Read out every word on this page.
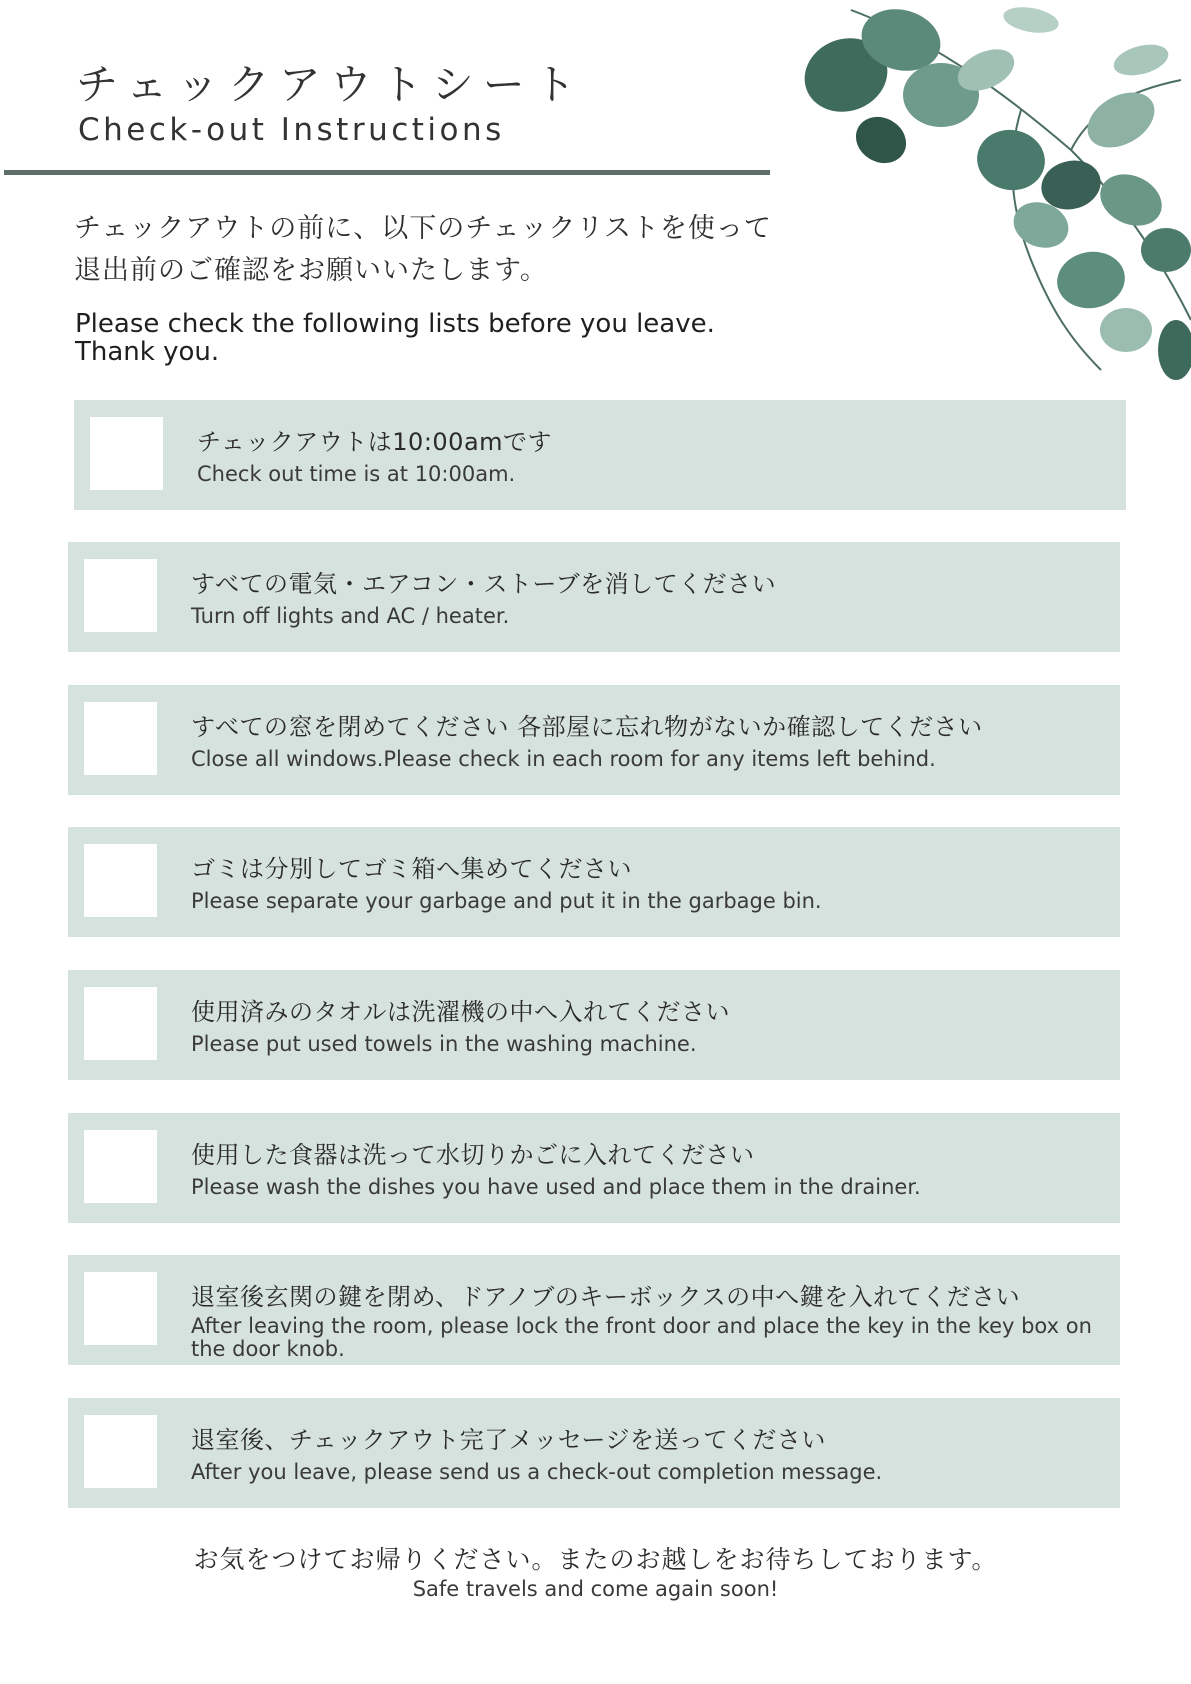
チェックアウトシート
Check-out Instructions
チェックアウトの前に、以下のチェックリストを使って
退出前のご確認をお願いいたします。
Please check the following lists before you leave.
Thank you.
チェックアウトは10:00amです
Check out time is at 10:00am.
すべての電気・エアコン・ストーブを消してください
Turn off lights and AC / heater.
すべての窓を閉めてください 各部屋に忘れ物がないか確認してください
Close all windows.Please check in each room for any items left behind.
ゴミは分別してゴミ箱へ集めてください
Please separate your garbage and put it in the garbage bin.
使用済みのタオルは洗濯機の中へ入れてください
Please put used towels in the washing machine.
使用した食器は洗って水切りかごに入れてください
Please wash the dishes you have used and place them in the drainer.
退室後玄関の鍵を閉め、ドアノブのキーボックスの中へ鍵を入れてください
After leaving the room, please lock the front door and place the key in the key box on the door knob.
退室後、チェックアウト完了メッセージを送ってください
After you leave, please send us a check-out completion message.
お気をつけてお帰りください。またのお越しをお待ちしております。
Safe travels and come again soon!
